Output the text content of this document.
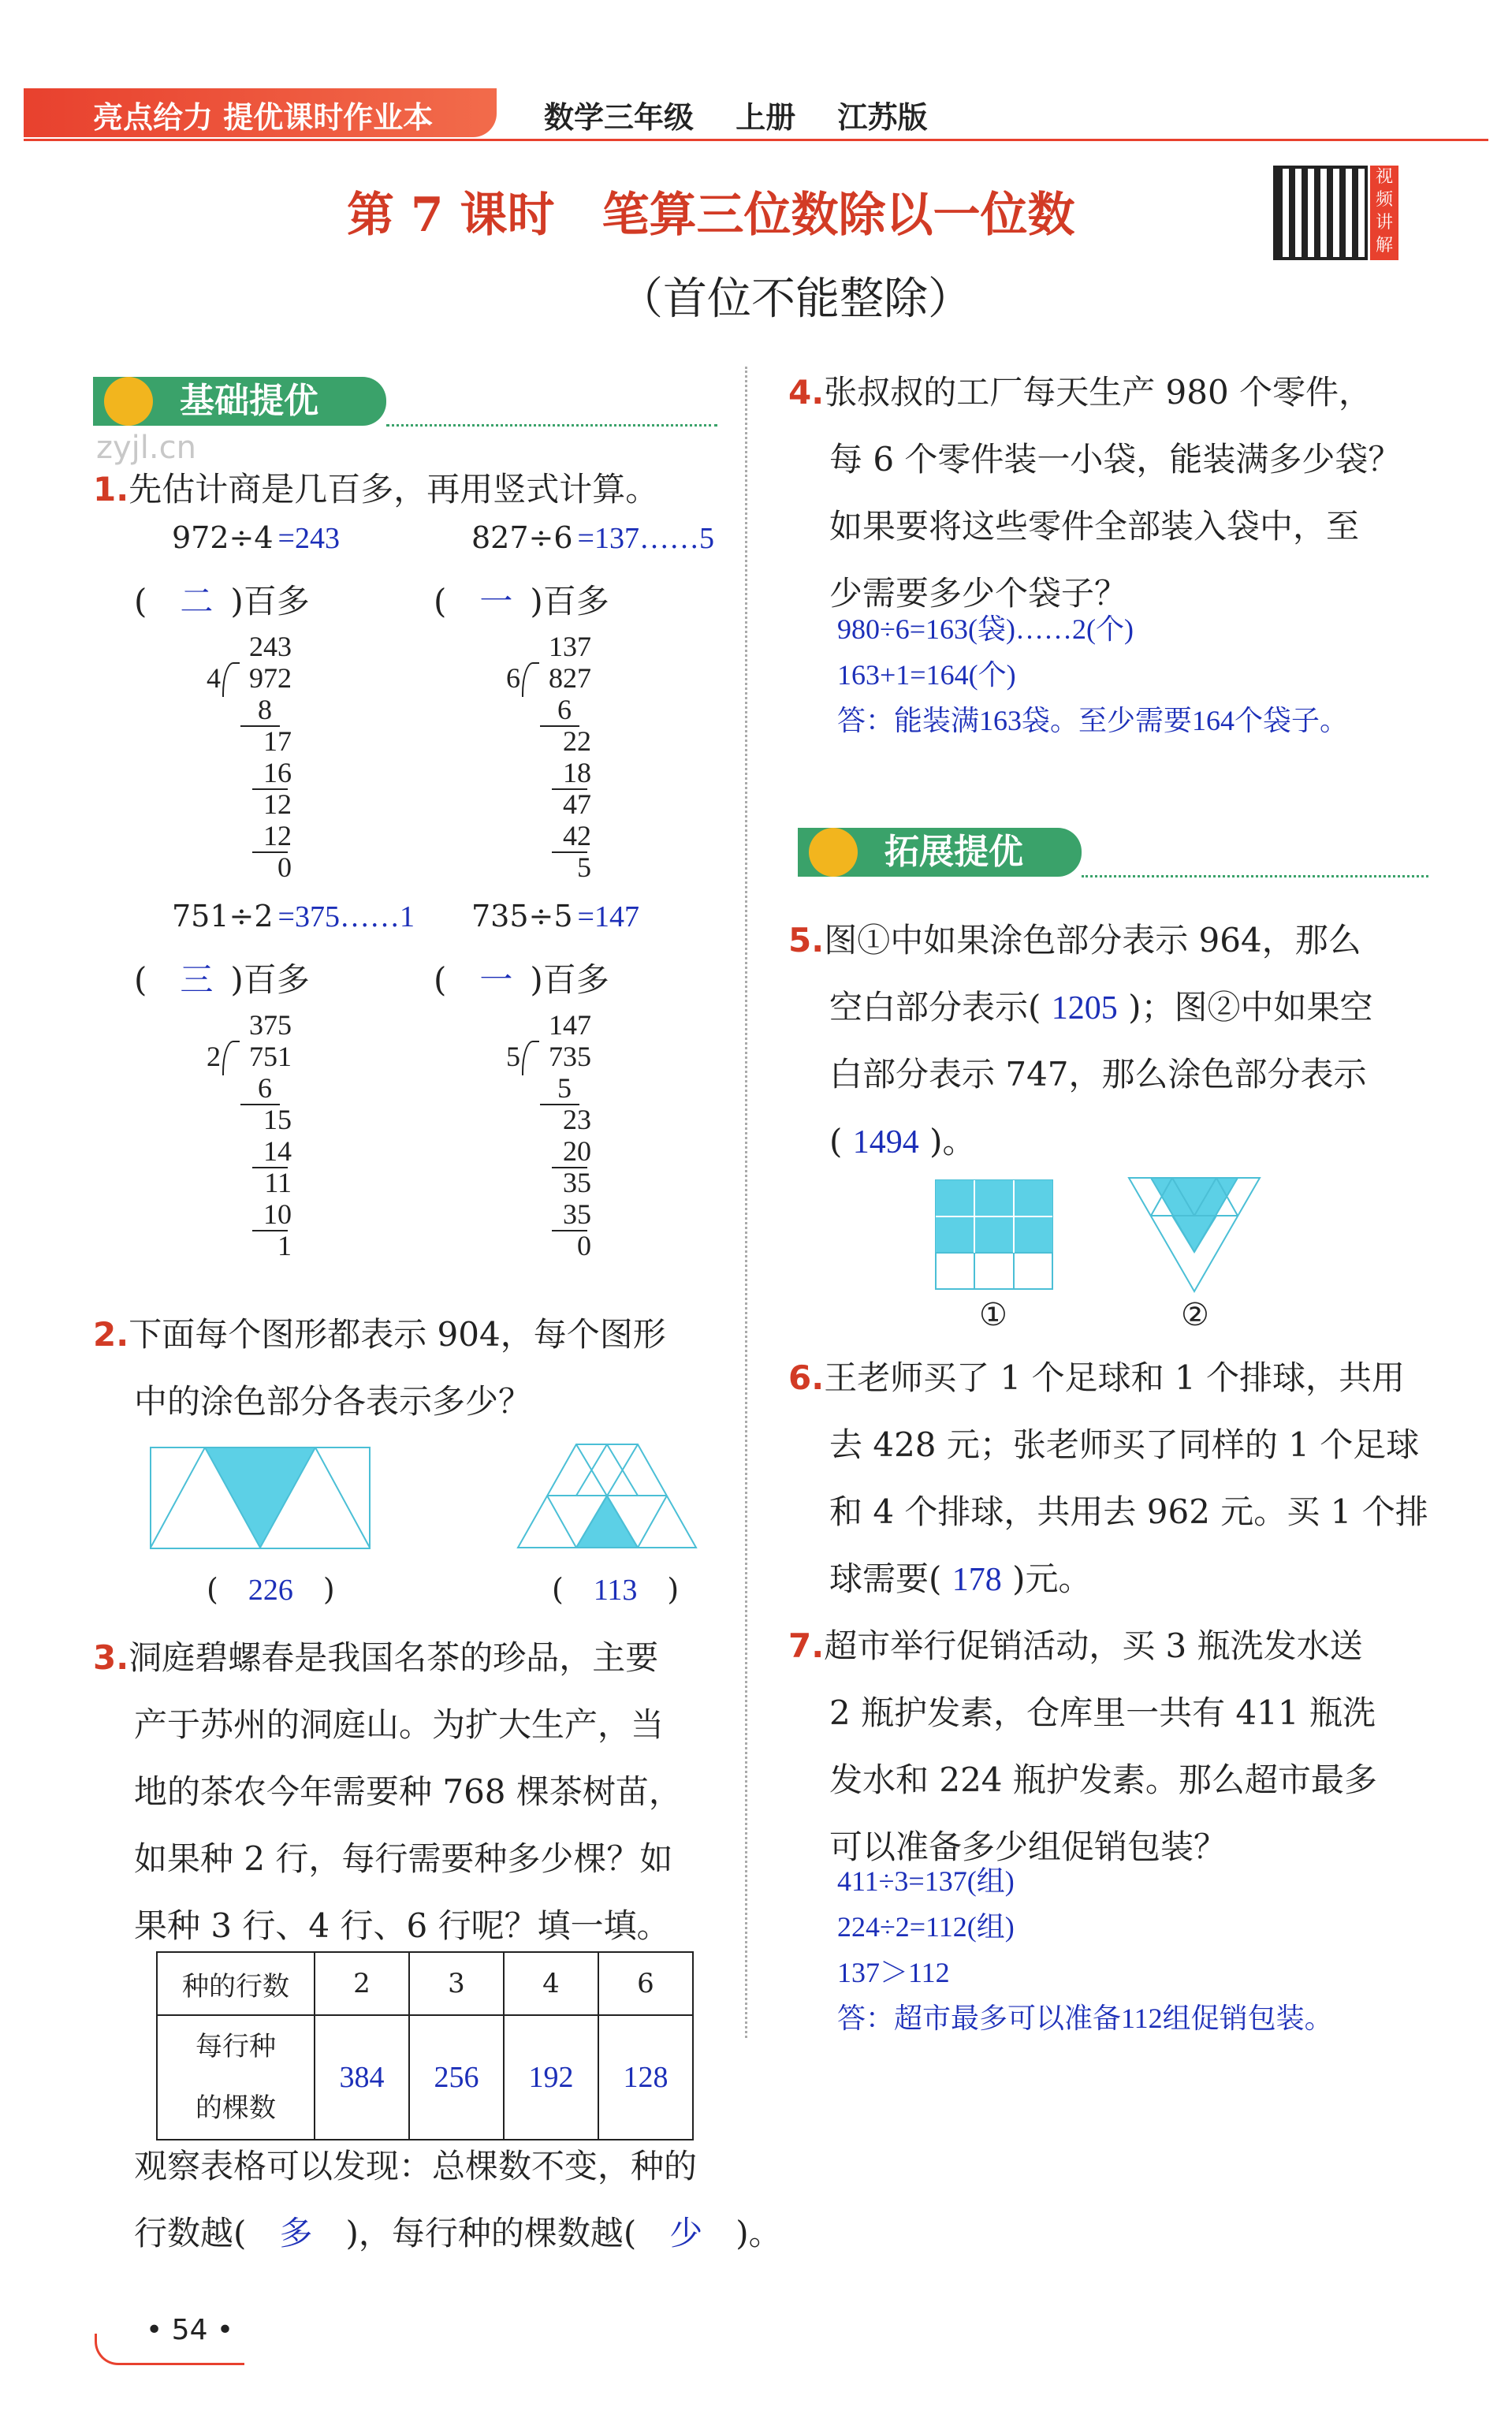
亮点给力 提优课时作业本	数学三年级 上册 江苏版
第 7 课时　笔算三位数除以一位数
（首位不能整除）
视频讲解
基础提优
zyjl.cn
1.先估计商是几百多，再用竖式计算。
2.下面每个图形都表示 904，每个图形
中的涂色部分各表示多少？
(　226　)	(　113　)
种的行数	2	3	4	6
每行种
的棵数	384	256	192	128
观察表格可以发现：总棵数不变，种的
行数越(　 多　 )，每行种的棵数越(　 少　 )。
• 54 •
拓展提优
5.图①中如果涂色部分表示 964，那么
空白部分表示( 1205 )；图②中如果空
白部分表示 747，那么涂色部分表示
( 1494 )。
①	②
6.王老师买了 1 个足球和 1 个排球，共用
去 428 元；张老师买了同样的 1 个足球
和 4 个排球，共用去 962 元。买 1 个排
球需要( 178 )元。
972÷4 =243
(　二 )百多
243
4	972
8
17
16
12
12
0
827÷6 =137……5
(　一 )百多
137
6	827
6
22
18
47
42
5
751÷2 =375……1
(　三 )百多
375
2	751
6
15
14
11
10
1
735÷5 =147
(　一 )百多
147
5	735
5
23
20
35
35
0
3.洞庭碧螺春是我国名茶的珍品，主要
产于苏州的洞庭山。为扩大生产，当
地的茶农今年需要种 768 棵茶树苗，
如果种 2 行，每行需要种多少棵？如
果种 3 行、4 行、6 行呢？填一填。
4.张叔叔的工厂每天生产 980 个零件，
每 6 个零件装一小袋，能装满多少袋？
如果要将这些零件全部装入袋中，至
少需要多少个袋子？
980÷6=163(袋)……2(个)
163+1=164(个)
答：能装满163袋。至少需要164个袋子。
7.超市举行促销活动，买 3 瓶洗发水送
2 瓶护发素，仓库里一共有 411 瓶洗
发水和 224 瓶护发素。那么超市最多
可以准备多少组促销包装？
411÷3=137(组)
224÷2=112(组)
137＞112
答：超市最多可以准备112组促销包装。
